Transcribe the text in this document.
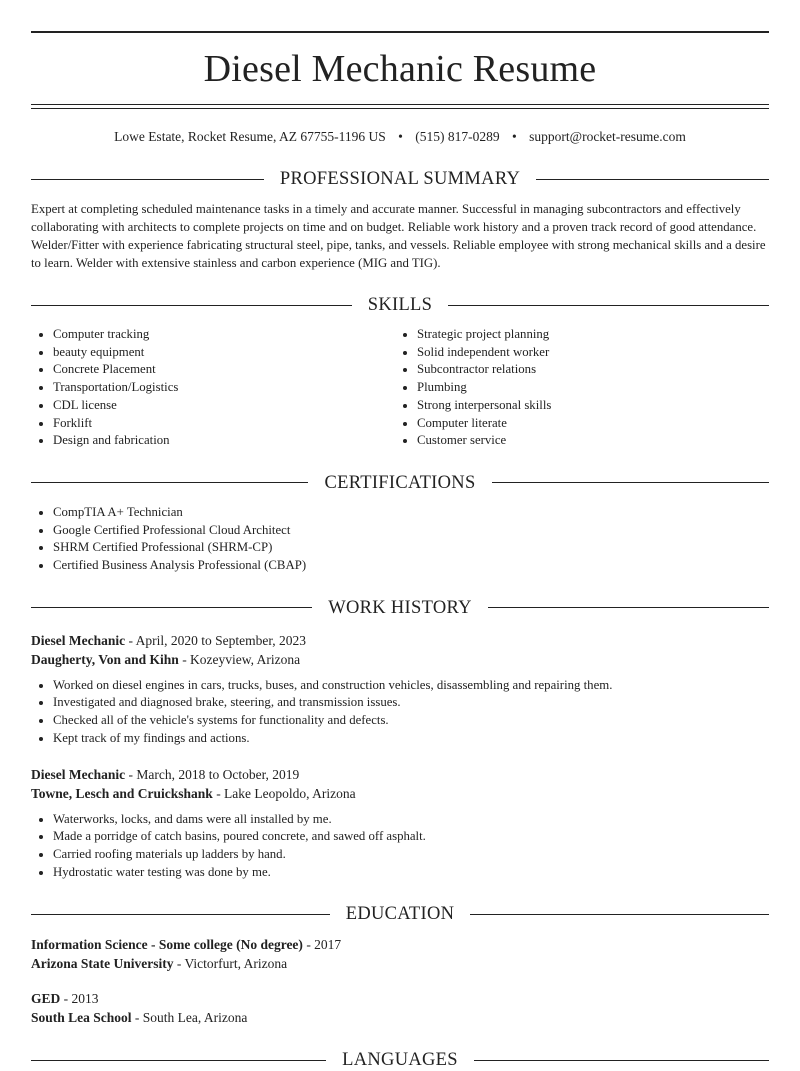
Diesel Mechanic Resume
Lowe Estate, Rocket Resume, AZ 67755-1196 US • (515) 817-0289 • support@rocket-resume.com
PROFESSIONAL SUMMARY
Expert at completing scheduled maintenance tasks in a timely and accurate manner. Successful in managing subcontractors and effectively collaborating with architects to complete projects on time and on budget. Reliable work history and a proven track record of good attendance. Welder/Fitter with experience fabricating structural steel, pipe, tanks, and vessels. Reliable employee with strong mechanical skills and a desire to learn. Welder with extensive stainless and carbon experience (MIG and TIG).
SKILLS
• Computer tracking
• beauty equipment
• Concrete Placement
• Transportation/Logistics
• CDL license
• Forklift
• Design and fabrication
• Strategic project planning
• Solid independent worker
• Subcontractor relations
• Plumbing
• Strong interpersonal skills
• Computer literate
• Customer service
CERTIFICATIONS
• CompTIA A+ Technician
• Google Certified Professional Cloud Architect
• SHRM Certified Professional (SHRM-CP)
• Certified Business Analysis Professional (CBAP)
WORK HISTORY
Diesel Mechanic - April, 2020 to September, 2023
Daugherty, Von and Kihn - Kozeyview, Arizona
• Worked on diesel engines in cars, trucks, buses, and construction vehicles, disassembling and repairing them.
• Investigated and diagnosed brake, steering, and transmission issues.
• Checked all of the vehicle's systems for functionality and defects.
• Kept track of my findings and actions.
Diesel Mechanic - March, 2018 to October, 2019
Towne, Lesch and Cruickshank - Lake Leopoldo, Arizona
• Waterworks, locks, and dams were all installed by me.
• Made a porridge of catch basins, poured concrete, and sawed off asphalt.
• Carried roofing materials up ladders by hand.
• Hydrostatic water testing was done by me.
EDUCATION
Information Science - Some college (No degree) - 2017
Arizona State University - Victorfurt, Arizona
GED - 2013
South Lea School - South Lea, Arizona
LANGUAGES
